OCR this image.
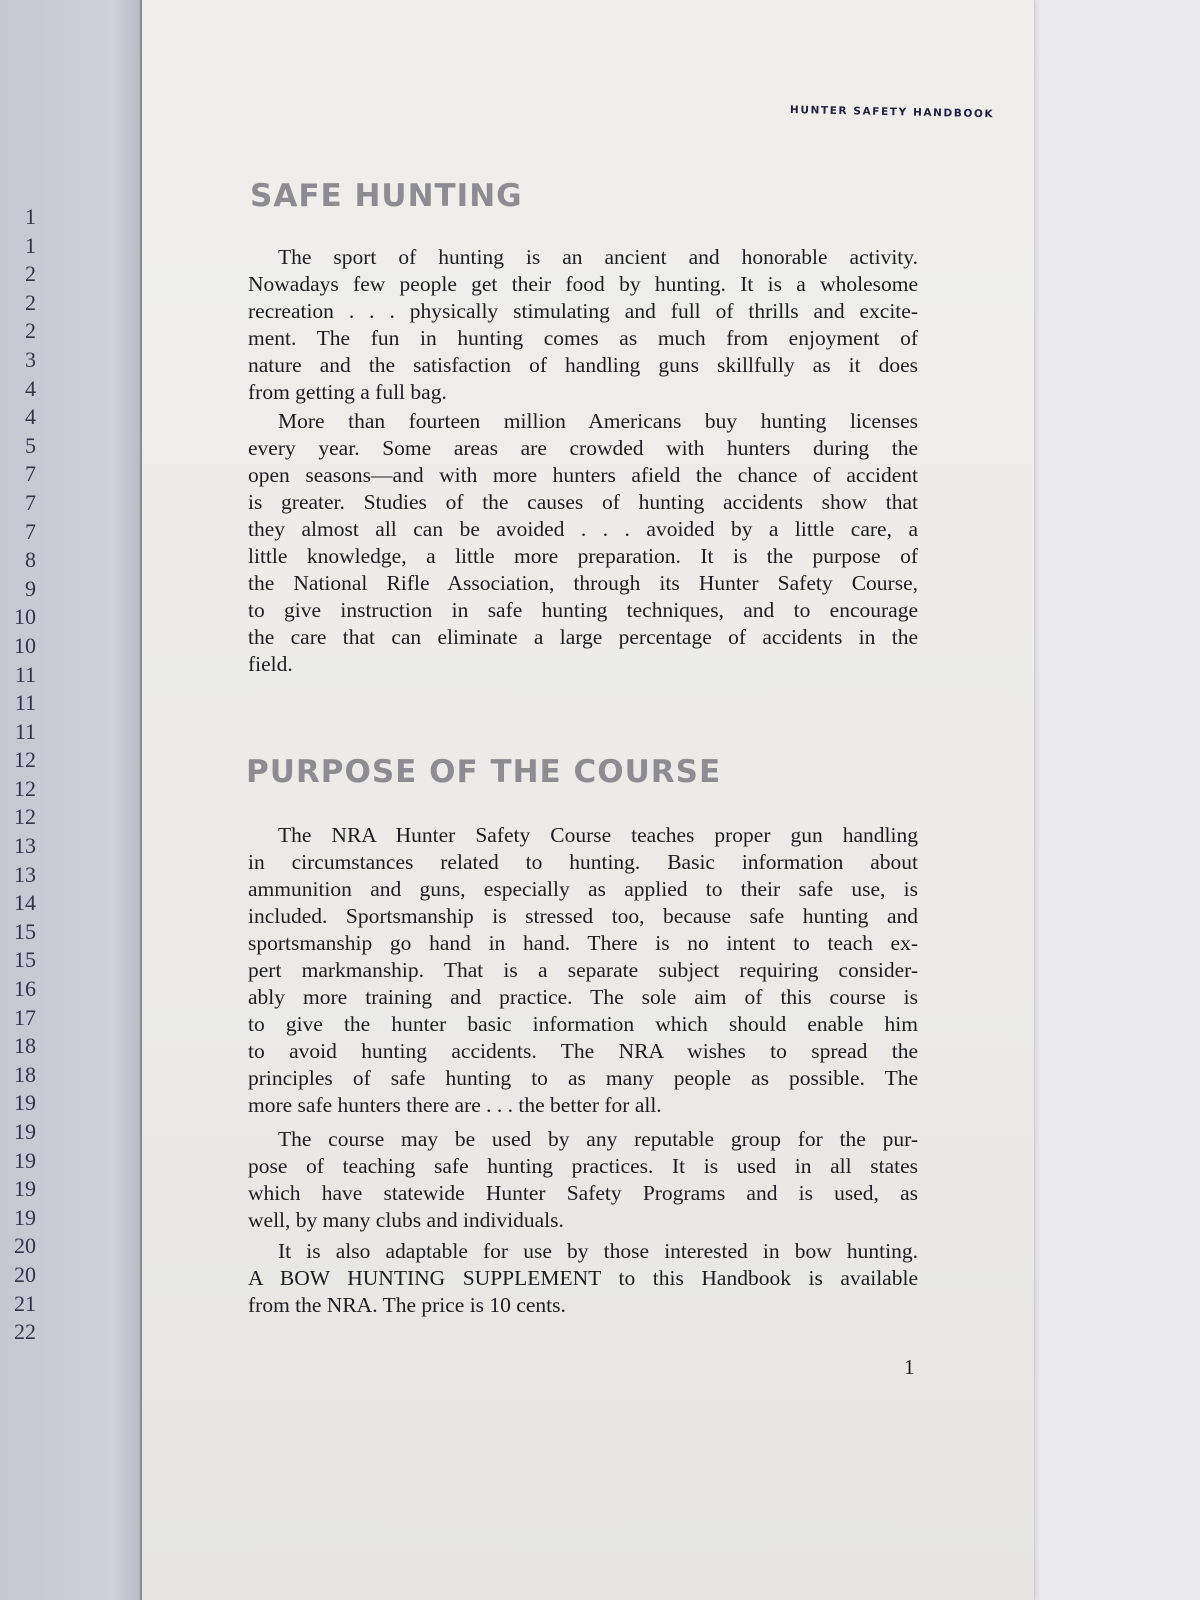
1
1
2
2
2
3
4
4
5
7
7
7
8
9
10
10
11
11
11
12
12
12
13
13
14
15
15
16
17
18
18
19
19
19
19
19
20
20
21
22
HUNTER SAFETY HANDBOOK
SAFE HUNTING
The sport of hunting is an ancient and honorable activity.
Nowadays few people get their food by hunting. It is a wholesome
recreation . . . physically stimulating and full of thrills and excite-
ment. The fun in hunting comes as much from enjoyment of
nature and the satisfaction of handling guns skillfully as it does
from getting a full bag.
More than fourteen million Americans buy hunting licenses
every year. Some areas are crowded with hunters during the
open seasons—and with more hunters afield the chance of accident
is greater. Studies of the causes of hunting accidents show that
they almost all can be avoided . . . avoided by a little care, a
little knowledge, a little more preparation. It is the purpose of
the National Rifle Association, through its Hunter Safety Course,
to give instruction in safe hunting techniques, and to encourage
the care that can eliminate a large percentage of accidents in the
field.
PURPOSE OF THE COURSE
The NRA Hunter Safety Course teaches proper gun handling
in circumstances related to hunting. Basic information about
ammunition and guns, especially as applied to their safe use, is
included. Sportsmanship is stressed too, because safe hunting and
sportsmanship go hand in hand. There is no intent to teach ex-
pert markmanship. That is a separate subject requiring consider-
ably more training and practice. The sole aim of this course is
to give the hunter basic information which should enable him
to avoid hunting accidents. The NRA wishes to spread the
principles of safe hunting to as many people as possible. The
more safe hunters there are . . . the better for all.
The course may be used by any reputable group for the pur-
pose of teaching safe hunting practices. It is used in all states
which have statewide Hunter Safety Programs and is used, as
well, by many clubs and individuals.
It is also adaptable for use by those interested in bow hunting.
A BOW HUNTING SUPPLEMENT to this Handbook is available
from the NRA. The price is 10 cents.
1
